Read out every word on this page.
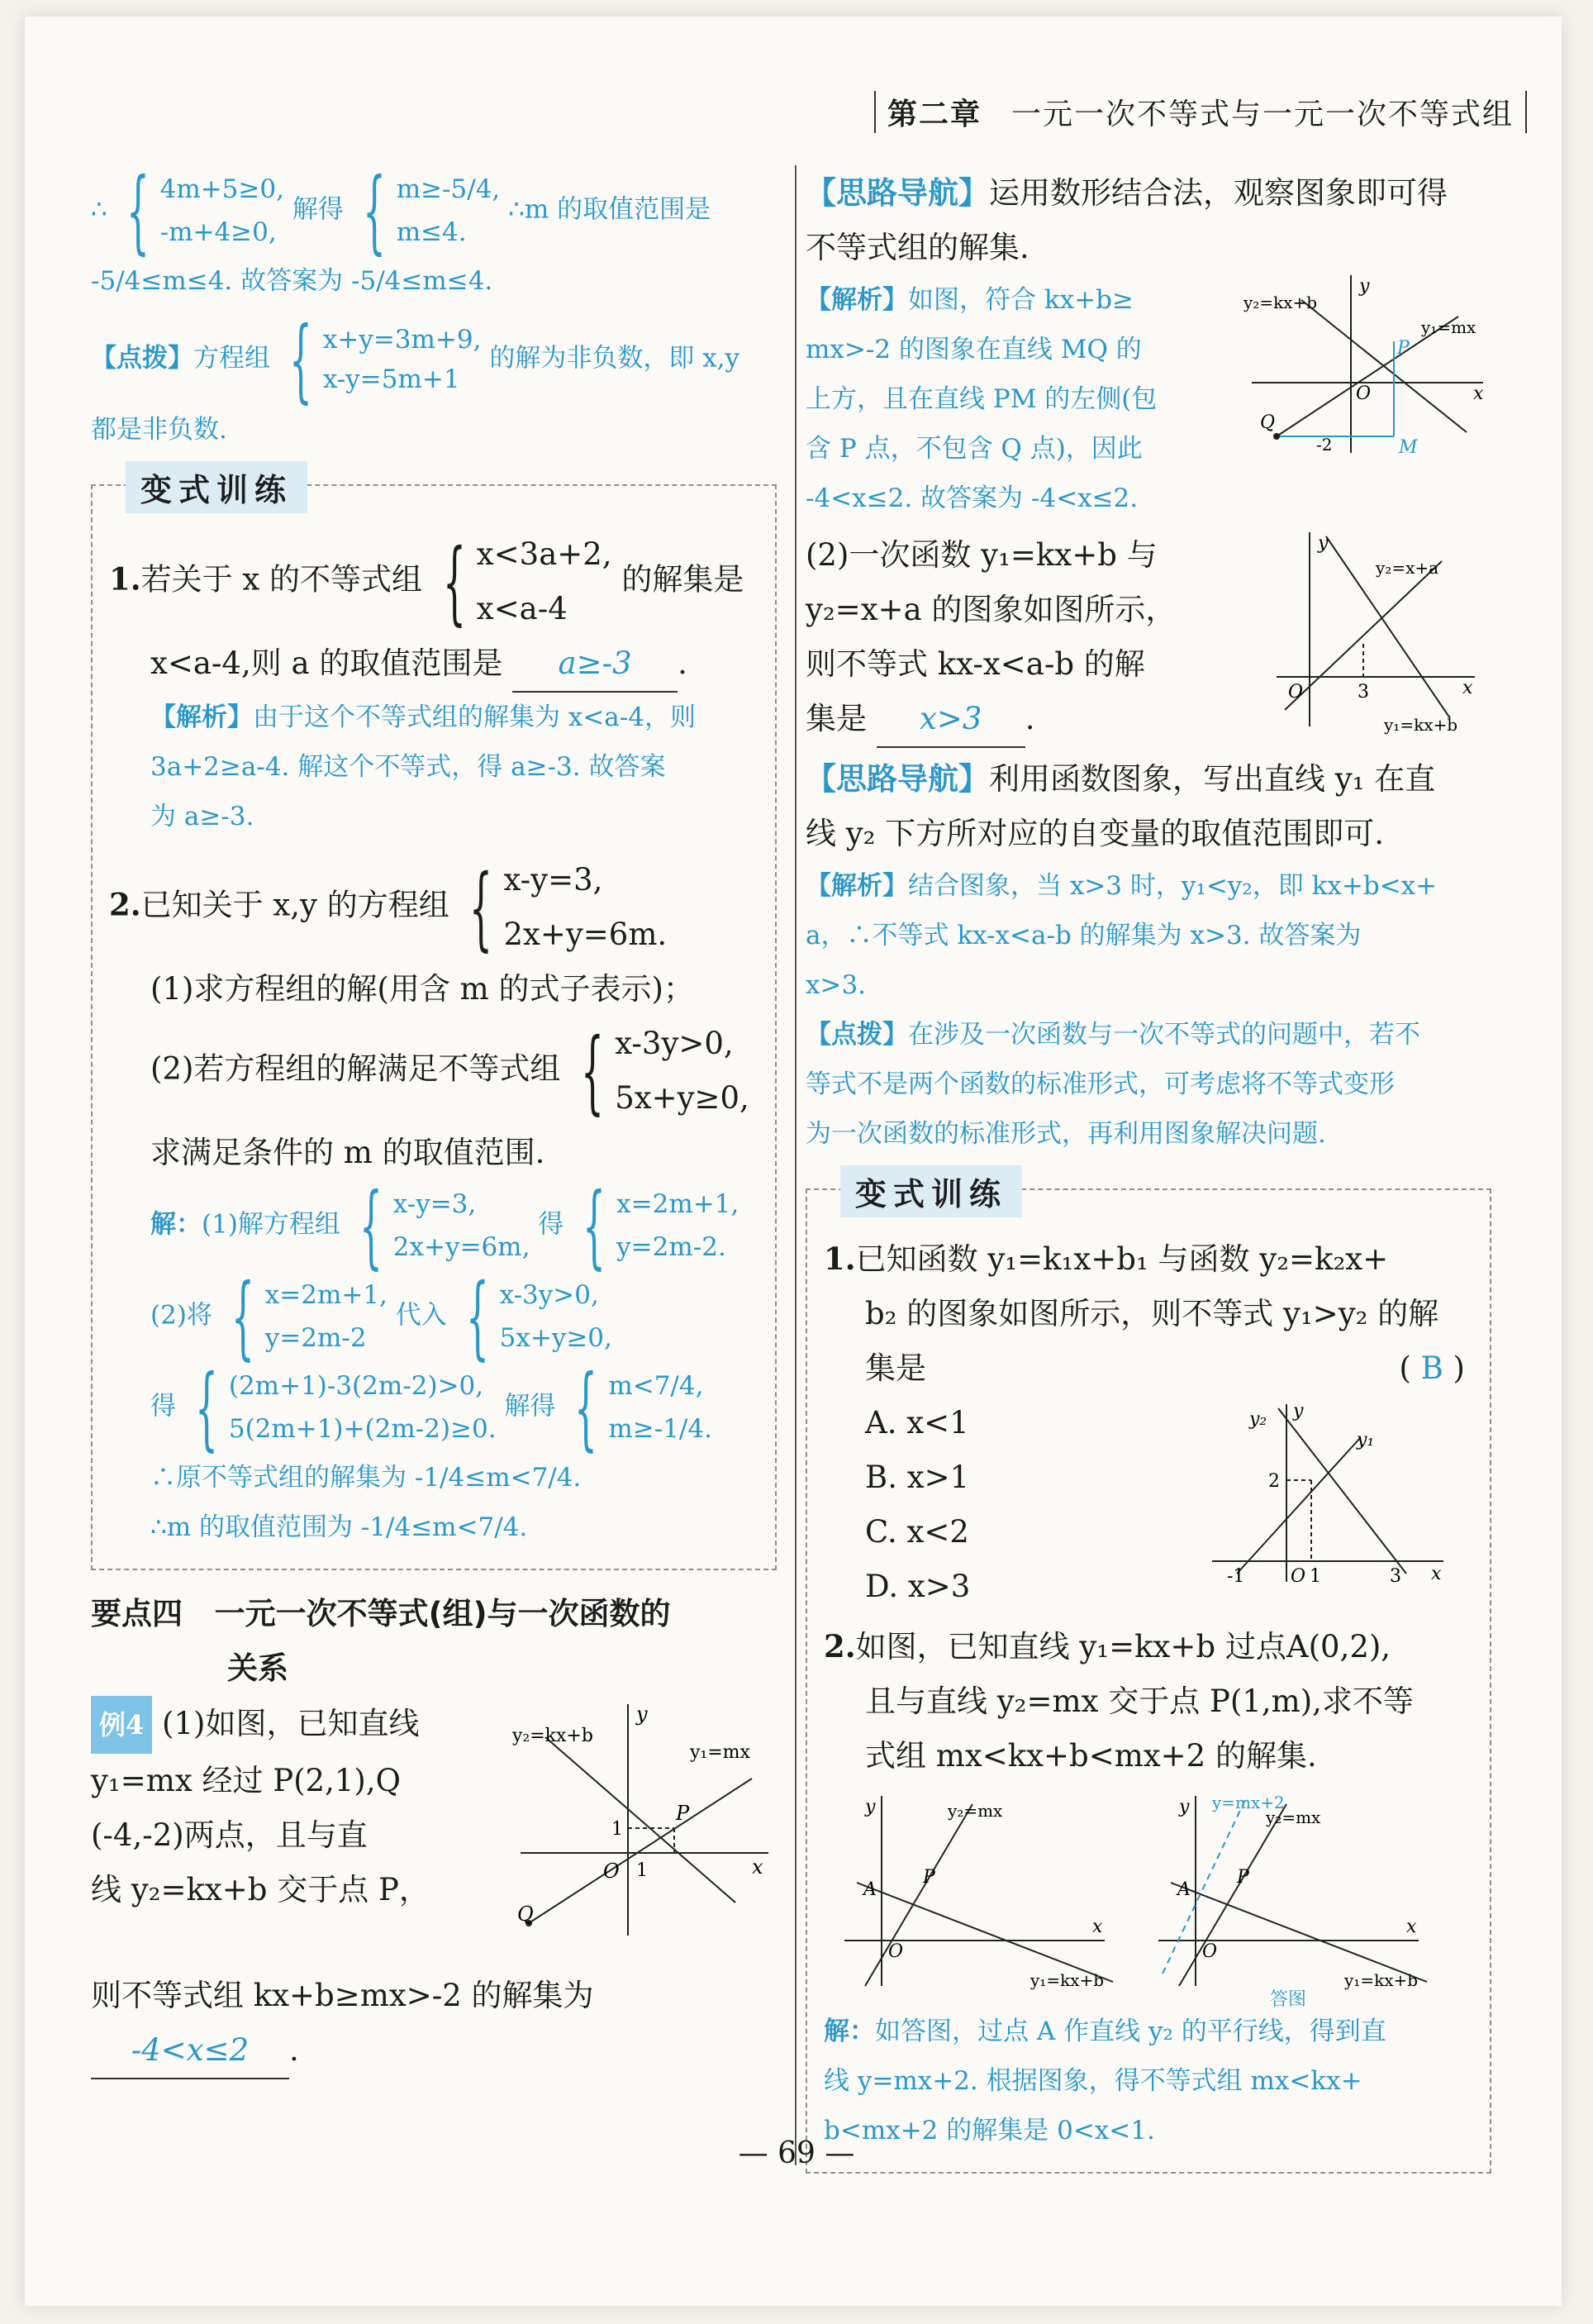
第二章 一元一次不等式与一元一次不等式组
∴ { 4m+5≥0,
-m+4≥0,
解得 { m≥-5/4,
m≤4.
∴m 的取值范围是

-5/4≤m≤4. 故答案为 -5/4≤m≤4.

【点拨】方程组 { x+y=3m+9,
x-y=5m+1
的解为非负数，即 x,y

都是非负数.

变式训练
1.若关于 x 的不等式组 { x<3a+2,
x<a-4
的解集是

x<a-4,则 a 的取值范围是 a≥-3 .

【解析】由于这个不等式组的解集为 x<a-4，则

3a+2≥a-4. 解这个不等式，得 a≥-3. 故答案

为 a≥-3.

2.已知关于 x,y 的方程组 { x-y=3,
2x+y=6m.

(1)求方程组的解(用含 m 的式子表示)；

(2)若方程组的解满足不等式组 { x-3y>0,
5x+y≥0,

求满足条件的 m 的取值范围.

解：(1)解方程组 { x-y=3,
2x+y=6m,
得 { x=2m+1,
y=2m-2.
(2)将 { x=2m+1,
y=2m-2
代入 { x-3y>0,
5x+y≥0,
得 { (2m+1)-3(2m-2)>0,
5(2m+1)+(2m-2)≥0.
解得 { m<7/4,
m≥-1/4.

∴原不等式组的解集为 -1/4≤m<7/4.

∴m 的取值范围为 -1/4≤m<7/4.

要点四 一元一次不等式(组)与一次函数的

关系

例4 (1)如图，已知直线

y₁=mx 经过 P(2,1),Q

(-4,-2)两点，且与直

线 y₂=kx+b 交于点 P，

y
x
y₂=kx+b
y₁=mx
P
O
1
1
Q

则不等式组 kx+b≥mx>-2 的解集为

-4<x≤2 .

【思路导航】运用数形结合法，观察图象即可得

不等式组的解集.

【解析】如图，符合 kx+b≥

mx>-2 的图象在直线 MQ 的

上方，且在直线 PM 的左侧(包

含 P 点，不包含 Q 点)，因此

-4<x≤2. 故答案为 -4<x≤2.

y
x
y₂=kx+b
y₁=mx
P
O
Q
M
-2

(2)一次函数 y₁=kx+b 与

y₂=x+a 的图象如图所示，

则不等式 kx-x<a-b 的解

集是 x>3 .

y
x
y₂=x+a
y₁=kx+b
O	3

【思路导航】利用函数图象，写出直线 y₁ 在直

线 y₂ 下方所对应的自变量的取值范围即可.

【解析】结合图象，当 x>3 时，y₁<y₂，即 kx+b<x+

a，∴不等式 kx-x<a-b 的解集为 x>3. 故答案为

x>3.

【点拨】在涉及一次函数与一次不等式的问题中，若不

等式不是两个函数的标准形式，可考虑将不等式变形

为一次函数的标准形式，再利用图象解决问题.

变式训练

1.已知函数 y₁=k₁x+b₁ 与函数 y₂=k₂x+

b₂ 的图象如图所示，则不等式 y₁>y₂ 的解

集是	( B )

A. x<1

B. x>1

C. x<2

D. x>3

y
x
y₂
y₁
2
-1	O 1	3

2.如图，已知直线 y₁=kx+b 过点A(0,2),

且与直线 y₂=mx 交于点 P(1,m),求不等

式组 mx<kx+b<mx+2 的解集.

y
x
y₂=mx
y₁=kx+b
A
P
O
y
x
y=mx+2
y₂=mx
y₁=kx+b
A
P
O
答图

解：如答图，过点 A 作直线 y₂ 的平行线，得到直

线 y=mx+2. 根据图象，得不等式组 mx<kx+

b<mx+2 的解集是 0<x<1.

— 69 —
